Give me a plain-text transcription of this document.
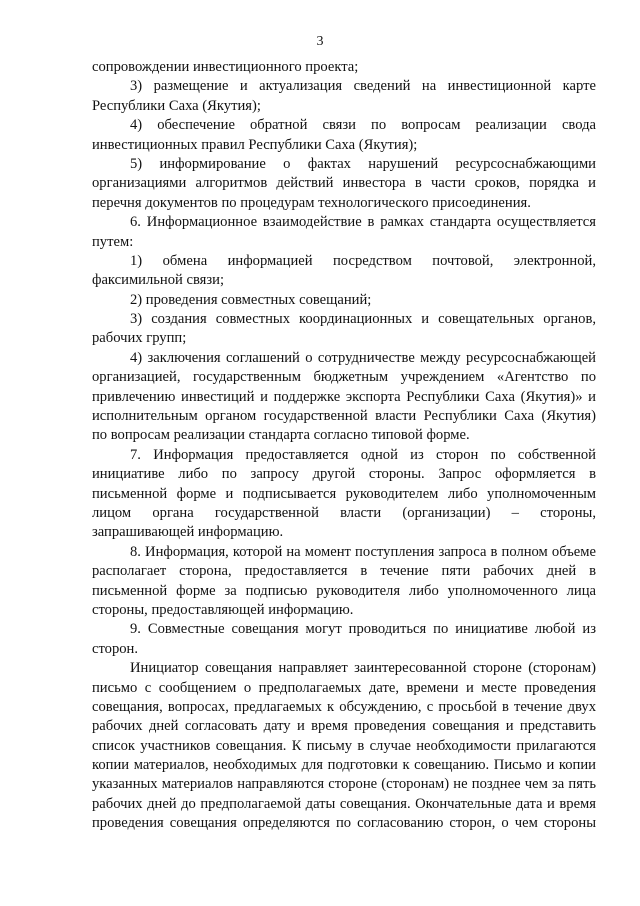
3
сопровождении инвестиционного проекта;
3) размещение и актуализация сведений на инвестиционной карте
Республики Саха (Якутия);
4) обеспечение обратной связи по вопросам реализации свода
инвестиционных правил Республики Саха (Якутия);
5) информирование о фактах нарушений ресурсоснабжающими
организациями алгоритмов действий инвестора в части сроков, порядка и
перечня документов по процедурам технологического присоединения.
6. Информационное взаимодействие в рамках стандарта осуществляется
путем:
1) обмена информацией посредством почтовой, электронной,
факсимильной связи;
2) проведения совместных совещаний;
3) создания совместных координационных и совещательных органов,
рабочих групп;
4) заключения соглашений о сотрудничестве между ресурсоснабжающей
организацией, государственным бюджетным учреждением «Агентство по
привлечению инвестиций и поддержке экспорта Республики Саха (Якутия)» и
исполнительным органом государственной власти Республики Саха (Якутия)
по вопросам реализации стандарта согласно типовой форме.
7. Информация предоставляется одной из сторон по собственной
инициативе либо по запросу другой стороны. Запрос оформляется в
письменной форме и подписывается руководителем либо уполномоченным
лицом органа государственной власти (организации) – стороны,
запрашивающей информацию.
8. Информация, которой на момент поступления запроса в полном объеме
располагает сторона, предоставляется в течение пяти рабочих дней в
письменной форме за подписью руководителя либо уполномоченного лица
стороны, предоставляющей информацию.
9. Совместные совещания могут проводиться по инициативе любой из
сторон.
Инициатор совещания направляет заинтересованной стороне (сторонам)
письмо с сообщением о предполагаемых дате, времени и месте проведения
совещания, вопросах, предлагаемых к обсуждению, с просьбой в течение двух
рабочих дней согласовать дату и время проведения совещания и представить
список участников совещания. К письму в случае необходимости прилагаются
копии материалов, необходимых для подготовки к совещанию. Письмо и копии
указанных материалов направляются стороне (сторонам) не позднее чем за пять
рабочих дней до предполагаемой даты совещания. Окончательные дата и время
проведения совещания определяются по согласованию сторон, о чем стороны
